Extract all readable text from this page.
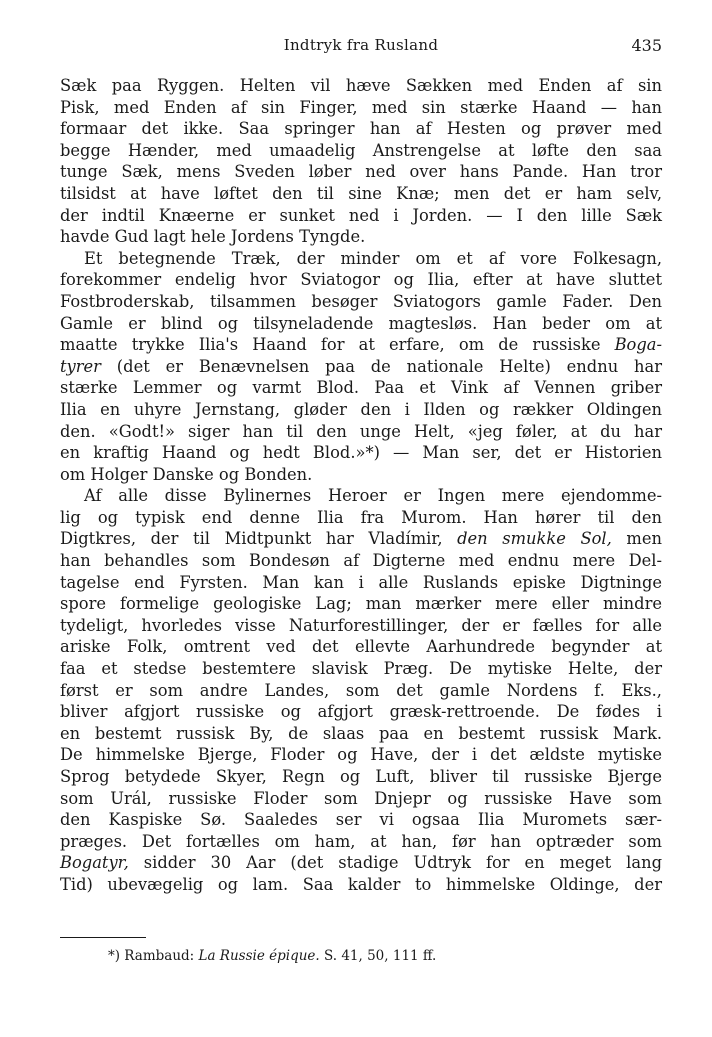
Indtryk fra Rusland	435
Sæk paa Ryggen. Helten vil hæve Sækken med Enden af sin
Pisk, med Enden af sin Finger, med sin stærke Haand — han
formaar det ikke. Saa springer han af Hesten og prøver med
begge Hænder, med umaadelig Anstrengelse at løfte den saa
tunge Sæk, mens Sveden løber ned over hans Pande. Han tror
tilsidst at have løftet den til sine Knæ; men det er ham selv,
der indtil Knæerne er sunket ned i Jorden. — I den lille Sæk
havde Gud lagt hele Jordens Tyngde.
Et betegnende Træk, der minder om et af vore Folkesagn,
forekommer endelig hvor Sviatogor og Ilia, efter at have sluttet
Fostbroderskab, tilsammen besøger Sviatogors gamle Fader. Den
Gamle er blind og tilsyneladende magtesløs. Han beder om at
maatte trykke Ilia's Haand for at erfare, om de russiske Boga-
tyrer (det er Benævnelsen paa de nationale Helte) endnu har
stærke Lemmer og varmt Blod. Paa et Vink af Vennen griber
Ilia en uhyre Jernstang, gløder den i Ilden og rækker Oldingen
den. «Godt!» siger han til den unge Helt, «jeg føler, at du har
en kraftig Haand og hedt Blod.»*) — Man ser, det er Historien
om Holger Danske og Bonden.
Af alle disse Bylinernes Heroer er Ingen mere ejendomme-
lig og typisk end denne Ilia fra Murom. Han hører til den
Digtkres, der til Midtpunkt har Vladímir, den smukke Sol, men
han behandles som Bondesøn af Digterne med endnu mere Del-
tagelse end Fyrsten. Man kan i alle Ruslands episke Digtninge
spore formelige geologiske Lag; man mærker mere eller mindre
tydeligt, hvorledes visse Naturforestillinger, der er fælles for alle
ariske Folk, omtrent ved det ellevte Aarhundrede begynder at
faa et stedse bestemtere slavisk Præg. De mytiske Helte, der
først er som andre Landes, som det gamle Nordens f. Eks.,
bliver afgjort russiske og afgjort græsk-rettroende. De fødes i
en bestemt russisk By, de slaas paa en bestemt russisk Mark.
De himmelske Bjerge, Floder og Have, der i det ældste mytiske
Sprog betydede Skyer, Regn og Luft, bliver til russiske Bjerge
som Urál, russiske Floder som Dnjepr og russiske Have som
den Kaspiske Sø. Saaledes ser vi ogsaa Ilia Muromets sær-
præges. Det fortælles om ham, at han, før han optræder som
Bogatyr, sidder 30 Aar (det stadige Udtryk for en meget lang
Tid) ubevægelig og lam. Saa kalder to himmelske Oldinge, der
*) Rambaud: La Russie épique. S. 41, 50, 111 ff.
